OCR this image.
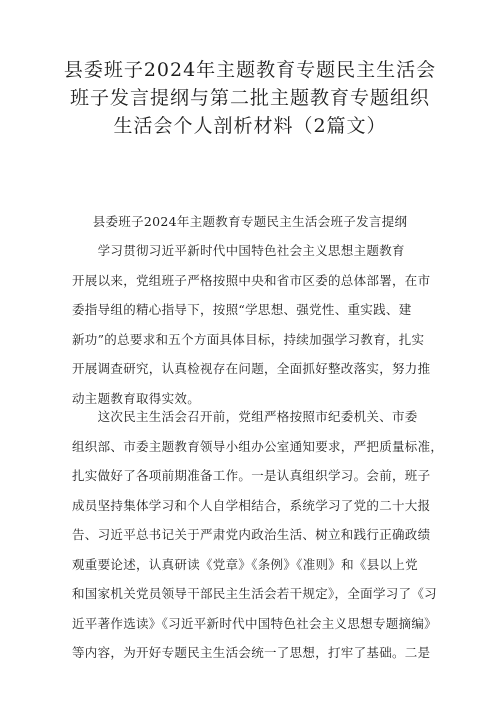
县委班子2024年主题教育专题民主生活会
班子发言提纲与第二批主题教育专题组织
生活会个人剖析材料（2篇文）
县委班子2024年主题教育专题民主生活会班子发言提纲
　　学习贯彻习近平新时代中国特色社会主义思想主题教育
开展以来，党组班子严格按照中央和省市区委的总体部署，在市
委指导组的精心指导下，按照“学思想、强党性、重实践、建
新功”的总要求和五个方面具体目标，持续加强学习教育，扎实
开展调查研究，认真检视存在问题，全面抓好整改落实，努力推
动主题教育取得实效。
　　这次民主生活会召开前，党组严格按照市纪委机关、市委
组织部、市委主题教育领导小组办公室通知要求，严把质量标准，
扎实做好了各项前期准备工作。一是认真组织学习。会前，班子
成员坚持集体学习和个人自学相结合，系统学习了党的二十大报
告、习近平总书记关于严肃党内政治生活、树立和践行正确政绩
观重要论述，认真研读《党章》《条例》《准则》和《县以上党
和国家机关党员领导干部民主生活会若干规定》，全面学习了《习
近平著作选读》《习近平新时代中国特色社会主义思想专题摘编》
等内容，为开好专题民主生活会统一了思想，打牢了基础。二是
